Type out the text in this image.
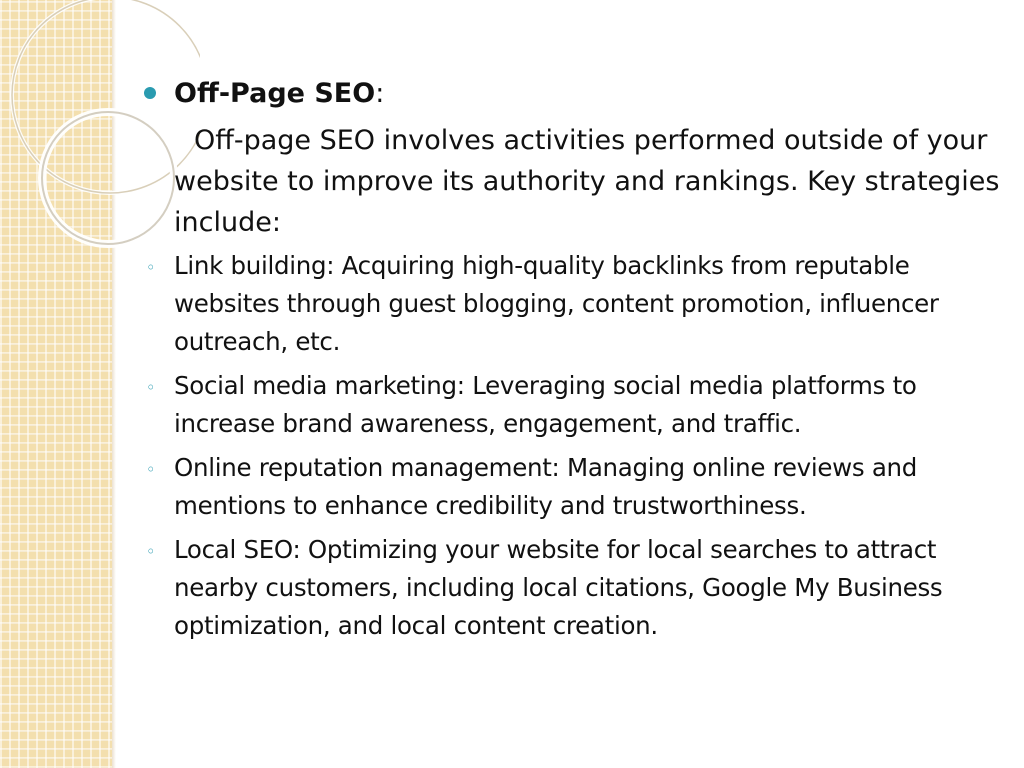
Off-Page SEO:
Off-page SEO involves activities performed outside of your website to improve its authority and rankings. Key strategies include:
◦ Link building: Acquiring high-quality backlinks from reputable websites through guest blogging, content promotion, influencer outreach, etc.
◦ Social media marketing: Leveraging social media platforms to increase brand awareness, engagement, and traffic.
◦ Online reputation management: Managing online reviews and mentions to enhance credibility and trustworthiness.
◦ Local SEO: Optimizing your website for local searches to attract nearby customers, including local citations, Google My Business optimization, and local content creation.
